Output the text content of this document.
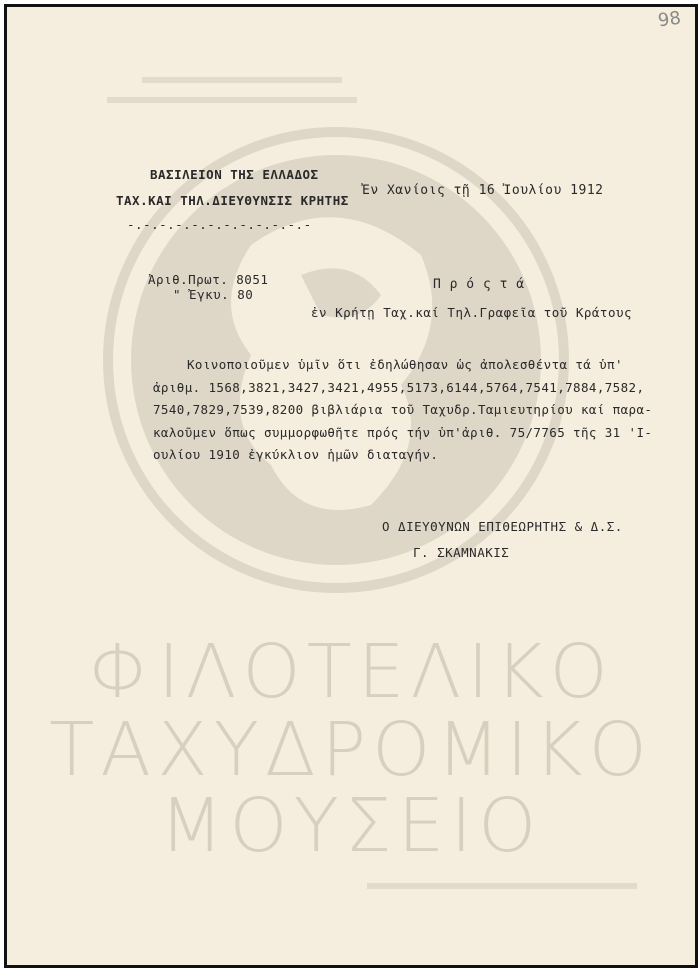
ΦΙΛΟΤΕΛΙΚΟ
ΤΑΧΥΔΡΟΜΙΚΟ
ΜΟΥΣΕΙΟ
98
ΒΑΣΙΛΕΙΟΝ ΤΗΣ ΕΛΛΑΔΟΣ
ΤΑΧ.ΚΑΙ ΤΗΛ.ΔΙΕΥΘΥΝΣΙΣ ΚΡΗΤΗΣ
Ἐν Χανίοις τῇ 16 Ἰουλίου 1912
-.-.-.-.-.-.-.-.-.-.-.-
Ἀριθ.Πρωτ. 8051
" Ἐγκυ. 80
Π ρ ό ς τ ά
ἐν Κρήτῃ Ταχ.καί Τηλ.Γραφεῖα τοῦ Κράτους
Κοινοποιοῦμεν ὑμῖν ὅτι ἐδηλώθησαν ὡς ἀπολεσθέντα τά ὑπ'
ἀριθμ. 1568,3821,3427,3421,4955,5173,6144,5764,7541,7884,7582,
7540,7829,7539,8200 βιβλιάρια τοῦ Ταχυδρ.Ταμιευτηρίου καί παρα-
καλοῦμεν ὅπως συμμορφωθῆτε πρός τήν ὑπ'ἀριθ. 75/7765 τῆς 31 'Ι-
ουλίου 1910 ἐγκύκλιον ἡμῶν διαταγήν.
Ο ΔΙΕΥΘΥΝΩΝ ΕΠΙΘΕΩΡΗΤΗΣ & Δ.Σ.
Γ. ΣΚΑΜΝΑΚΙΣ
